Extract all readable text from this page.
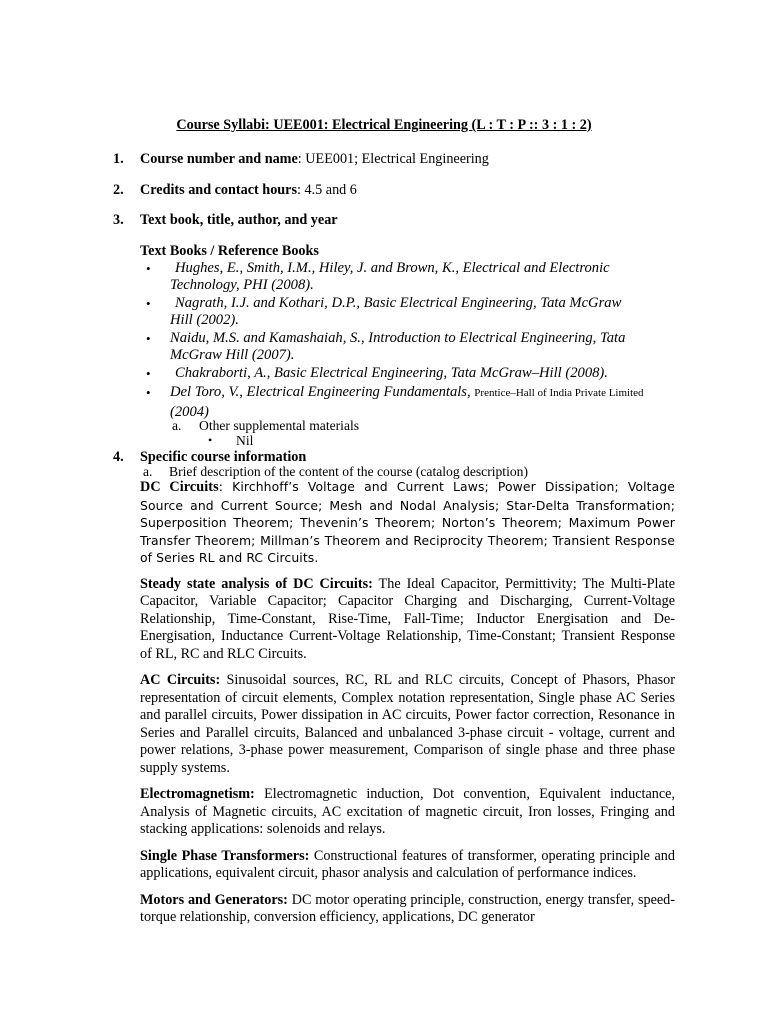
Course Syllabi: UEE001: Electrical Engineering (L : T : P :: 3 : 1 : 2)
1. Course number and name: UEE001; Electrical Engineering
2. Credits and contact hours: 4.5 and 6
3. Text book, title, author, and year
Text Books / Reference Books
•	Hughes, E., Smith, I.M., Hiley, J. and Brown, K., Electrical and Electronic
Technology, PHI (2008).
•	Nagrath, I.J. and Kothari, D.P., Basic Electrical Engineering, Tata McGraw
Hill (2002).
• Naidu, M.S. and Kamashaiah, S., Introduction to Electrical Engineering, Tata
McGraw Hill (2007).
•	Chakraborti, A., Basic Electrical Engineering, Tata McGraw–Hill (2008).
• Del Toro, V., Electrical Engineering Fundamentals, Prentice–Hall of India Private Limited
(2004)
a. Other supplemental materials
• Nil
4. Specific course information
a. Brief description of the content of the course (catalog description)

DC Circuits: Kirchhoff’s Voltage and Current Laws; Power Dissipation; Voltage Source and Current Source; Mesh and Nodal Analysis; Star-Delta Transformation; Superposition Theorem; Thevenin’s Theorem; Norton’s Theorem; Maximum Power Transfer Theorem; Millman’s Theorem and Reciprocity Theorem; Transient Response of Series RL and RC Circuits.

Steady state analysis of DC Circuits: The Ideal Capacitor, Permittivity; The Multi-Plate Capacitor, Variable Capacitor; Capacitor Charging and Discharging, Current-Voltage Relationship, Time-Constant, Rise-Time, Fall-Time; Inductor Energisation and De-Energisation, Inductance Current-Voltage Relationship, Time-Constant; Transient Response of RL, RC and RLC Circuits.

AC Circuits: Sinusoidal sources, RC, RL and RLC circuits, Concept of Phasors, Phasor representation of circuit elements, Complex notation representation, Single phase AC Series and parallel circuits, Power dissipation in AC circuits, Power factor correction, Resonance in Series and Parallel circuits, Balanced and unbalanced 3-phase circuit - voltage, current and power relations, 3-phase power measurement, Comparison of single phase and three phase supply systems.

Electromagnetism: Electromagnetic induction, Dot convention, Equivalent inductance, Analysis of Magnetic circuits, AC excitation of magnetic circuit, Iron losses, Fringing and stacking applications: solenoids and relays.

Single Phase Transformers: Constructional features of transformer, operating principle and applications, equivalent circuit, phasor analysis and calculation of performance indices.

Motors and Generators: DC motor operating principle, construction, energy transfer, speed-torque relationship, conversion efficiency, applications, DC generator
